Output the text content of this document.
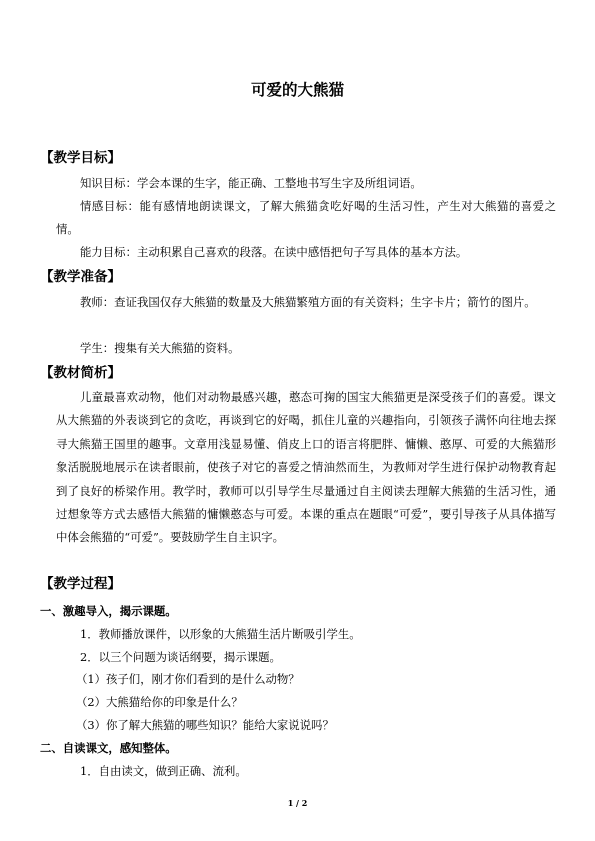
可爱的大熊猫
【教学目标】
知识目标：学会本课的生字，能正确、工整地书写生字及所组词语。
情感目标：能有感情地朗读课文，了解大熊猫贪吃好喝的生活习性，产生对大熊猫的喜爱之情。
能力目标：主动积累自己喜欢的段落。在读中感悟把句子写具体的基本方法。
【教学准备】
教师：查证我国仅存大熊猫的数量及大熊猫繁殖方面的有关资料；生字卡片；箭竹的图片。
学生：搜集有关大熊猫的资料。
【教材简析】
儿童最喜欢动物，他们对动物最感兴趣，憨态可掬的国宝大熊猫更是深受孩子们的喜爱。课文从大熊猫的外表谈到它的贪吃，再谈到它的好喝，抓住儿童的兴趣指向，引领孩子满怀向往地去探寻大熊猫王国里的趣事。文章用浅显易懂、俏皮上口的语言将肥胖、慵懒、憨厚、可爱的大熊猫形象活脱脱地展示在读者眼前，使孩子对它的喜爱之情油然而生，为教师对学生进行保护动物教育起到了良好的桥梁作用。教学时，教师可以引导学生尽量通过自主阅读去理解大熊猫的生活习性，通过想象等方式去感悟大熊猫的慵懒憨态与可爱。本课的重点在题眼“可爱”，要引导孩子从具体描写中体会熊猫的“可爱”。要鼓励学生自主识字。
【教学过程】
一、激趣导入，揭示课题。
1．教师播放课件，以形象的大熊猫生活片断吸引学生。
2．以三个问题为谈话纲要，揭示课题。
（1）孩子们，刚才你们看到的是什么动物？
（2）大熊猫给你的印象是什么？
（3）你了解大熊猫的哪些知识？能给大家说说吗？
二、自读课文，感知整体。
1．自由读文，做到正确、流利。
1 / 2
